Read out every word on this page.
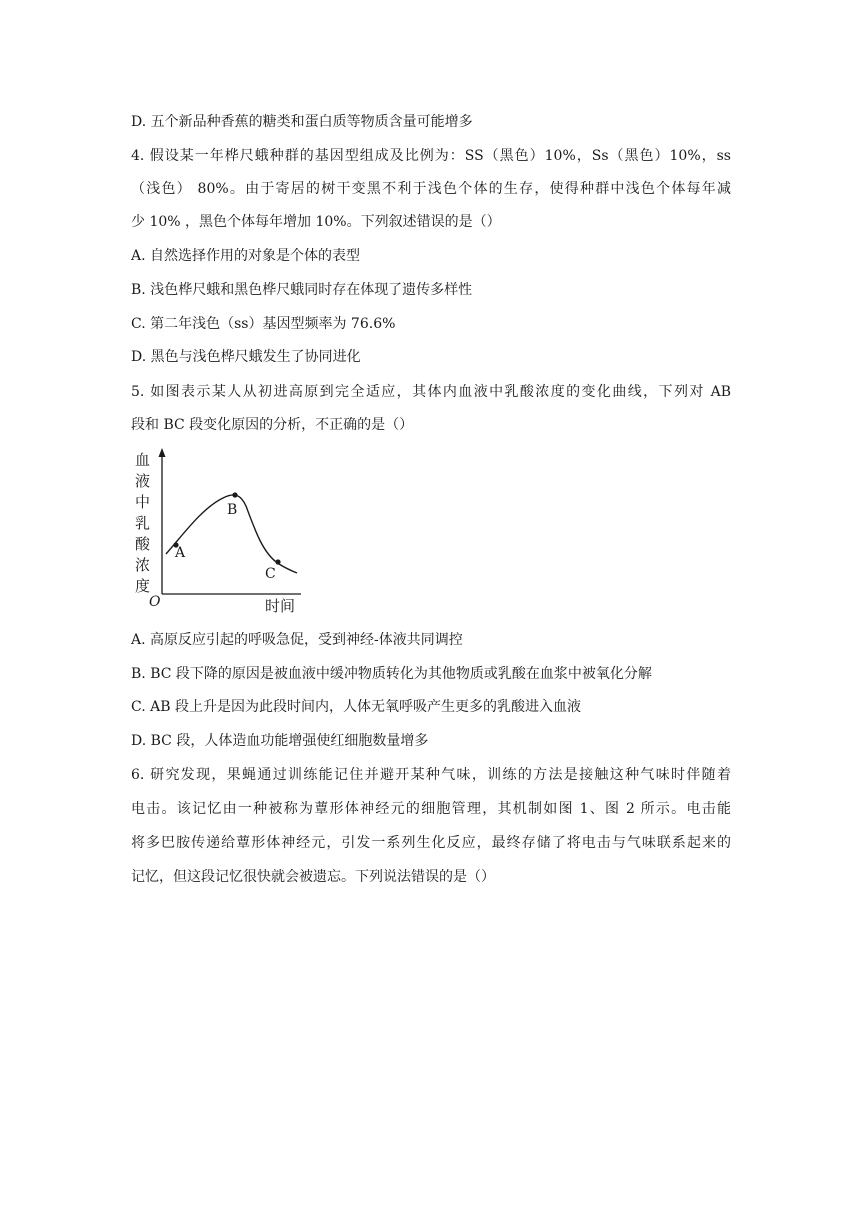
D. 五个新品种香蕉的糖类和蛋白质等物质含量可能增多
4. 假设某一年桦尺蛾种群的基因型组成及比例为：SS（黑色）10%，Ss（黑色）10%，ss
（浅色） 80%。由于寄居的树干变黑不利于浅色个体的生存，使得种群中浅色个体每年减
少 10% ，黑色个体每年增加 10%。下列叙述错误的是（）
A. 自然选择作用的对象是个体的表型
B. 浅色桦尺蛾和黑色桦尺蛾同时存在体现了遗传多样性
C. 第二年浅色（ss）基因型频率为 76.6%
D. 黑色与浅色桦尺蛾发生了协同进化
5. 如图表示某人从初进高原到完全适应，其体内血液中乳酸浓度的变化曲线，下列对 AB
段和 BC 段变化原因的分析，不正确的是（）
血
液
中
乳
酸
浓
度
O	时间
A
B
C
A. 高原反应引起的呼吸急促，受到神经-体液共同调控
B. BC 段下降的原因是被血液中缓冲物质转化为其他物质或乳酸在血浆中被氧化分解
C. AB 段上升是因为此段时间内，人体无氧呼吸产生更多的乳酸进入血液
D. BC 段，人体造血功能增强使红细胞数量增多
6. 研究发现，果蝇通过训练能记住并避开某种气味，训练的方法是接触这种气味时伴随着
电击。该记忆由一种被称为蕈形体神经元的细胞管理，其机制如图 1、图 2 所示。电击能
将多巴胺传递给蕈形体神经元，引发一系列生化反应，最终存储了将电击与气味联系起来的
记忆，但这段记忆很快就会被遗忘。下列说法错误的是（）
